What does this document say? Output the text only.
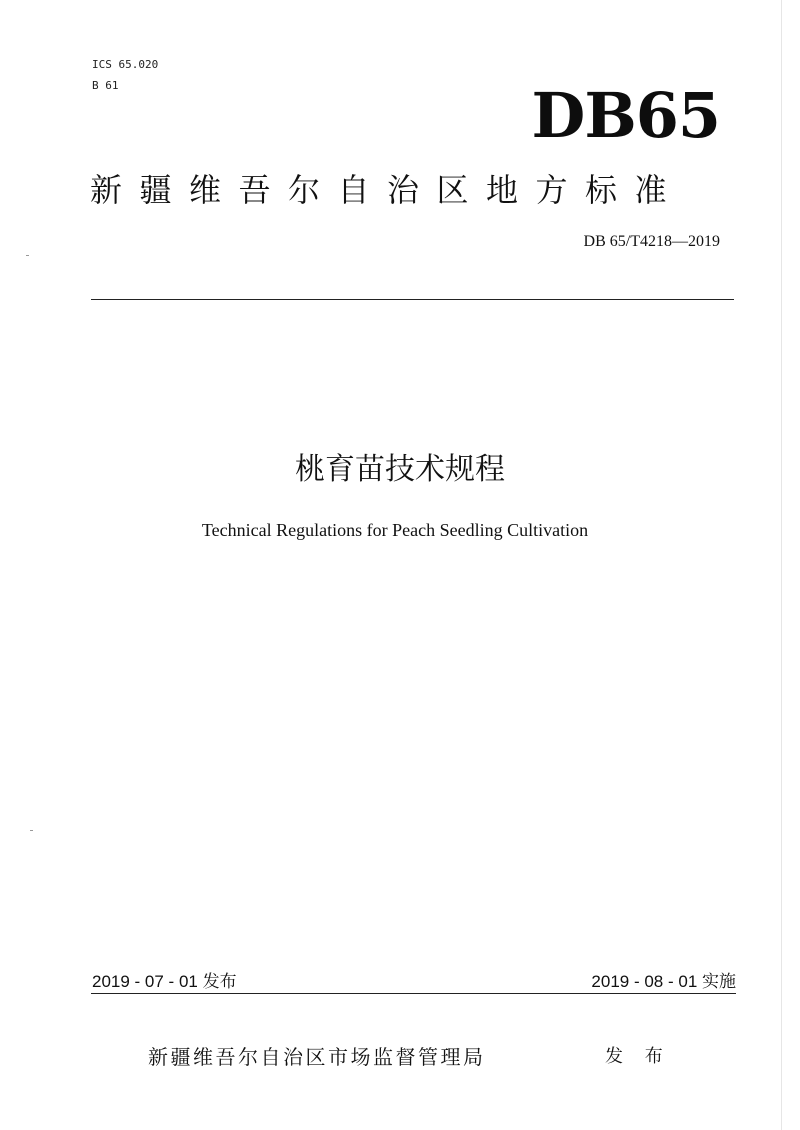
ICS 65.020
B 61	DB65
新疆维吾尔自治区地方标准
DB 65/T4218—2019
桃育苗技术规程
Technical Regulations for Peach Seedling Cultivation
2019 - 07 - 01 发布	2019 - 08 - 01 实施
新疆维吾尔自治区市场监督管理局	发 布
